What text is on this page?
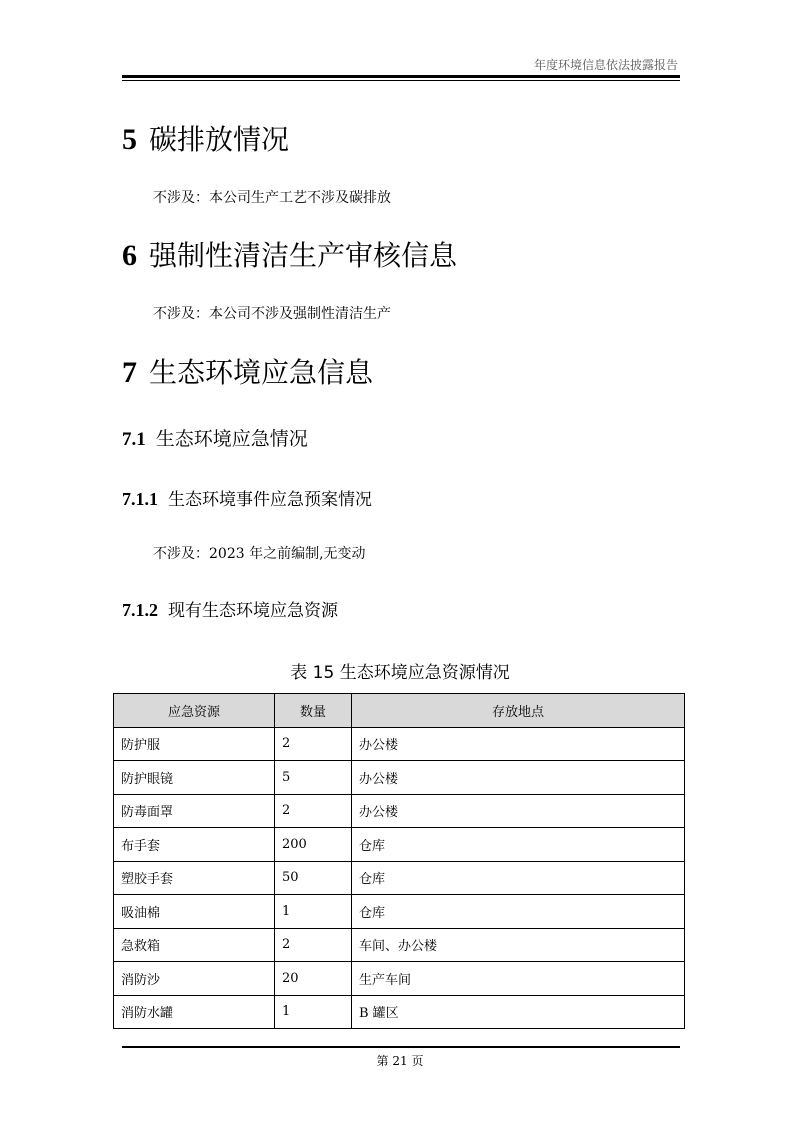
年度环境信息依法披露报告
5 碳排放情况
不涉及：本公司生产工艺不涉及碳排放
6 强制性清洁生产审核信息
不涉及：本公司不涉及强制性清洁生产
7 生态环境应急信息
7.1 生态环境应急情况
7.1.1 生态环境事件应急预案情况
不涉及：2023 年之前编制,无变动
7.1.2 现有生态环境应急资源
表 15 生态环境应急资源情况
应急资源	数量	存放地点
防护服	2	办公楼
防护眼镜	5	办公楼
防毒面罩	2	办公楼
布手套	200	仓库
塑胶手套	50	仓库
吸油棉	1	仓库
急救箱	2	车间、办公楼
消防沙	20	生产车间
消防水罐	1	B 罐区
第 21 页
